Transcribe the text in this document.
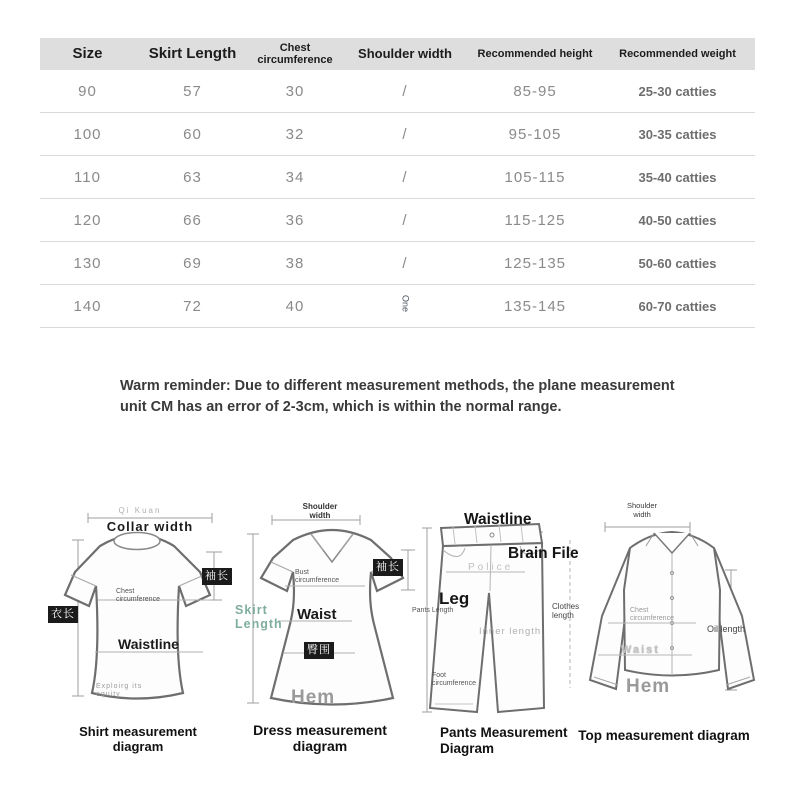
Size	Skirt Length	Chest circumference	Shoulder width	Recommended height	Recommended weight
90	57	30	/	85-95	25-30 catties
100	60	32	/	95-105	30-35 catties
110	63	34	/	105-115	35-40 catties
120	66	36	/	115-125	40-50 catties
130	69	38	/	125-135	50-60 catties
140	72	40	One	135-145	60-70 catties
Warm reminder: Due to different measurement methods, the plane measurement unit CM has an error of 2-3cm, which is within the normal range.
Qi Kuan
Collar width
衣长
袖长
Chest circumference
Waistline
Exploirg its equity
Shirt measurement diagram
Shoulder width
Skirt Length
袖长
Bust circumference
Waist
臀围
Hem
Dress measurement diagram
Waistline
Brain File
Police
Leg
Pants Length
Inner length
Foot circumference
Pants Measurement Diagram
Shoulder width
Clothes length
Chest circumference
Oil length
Waist
Hem
Top measurement diagram
